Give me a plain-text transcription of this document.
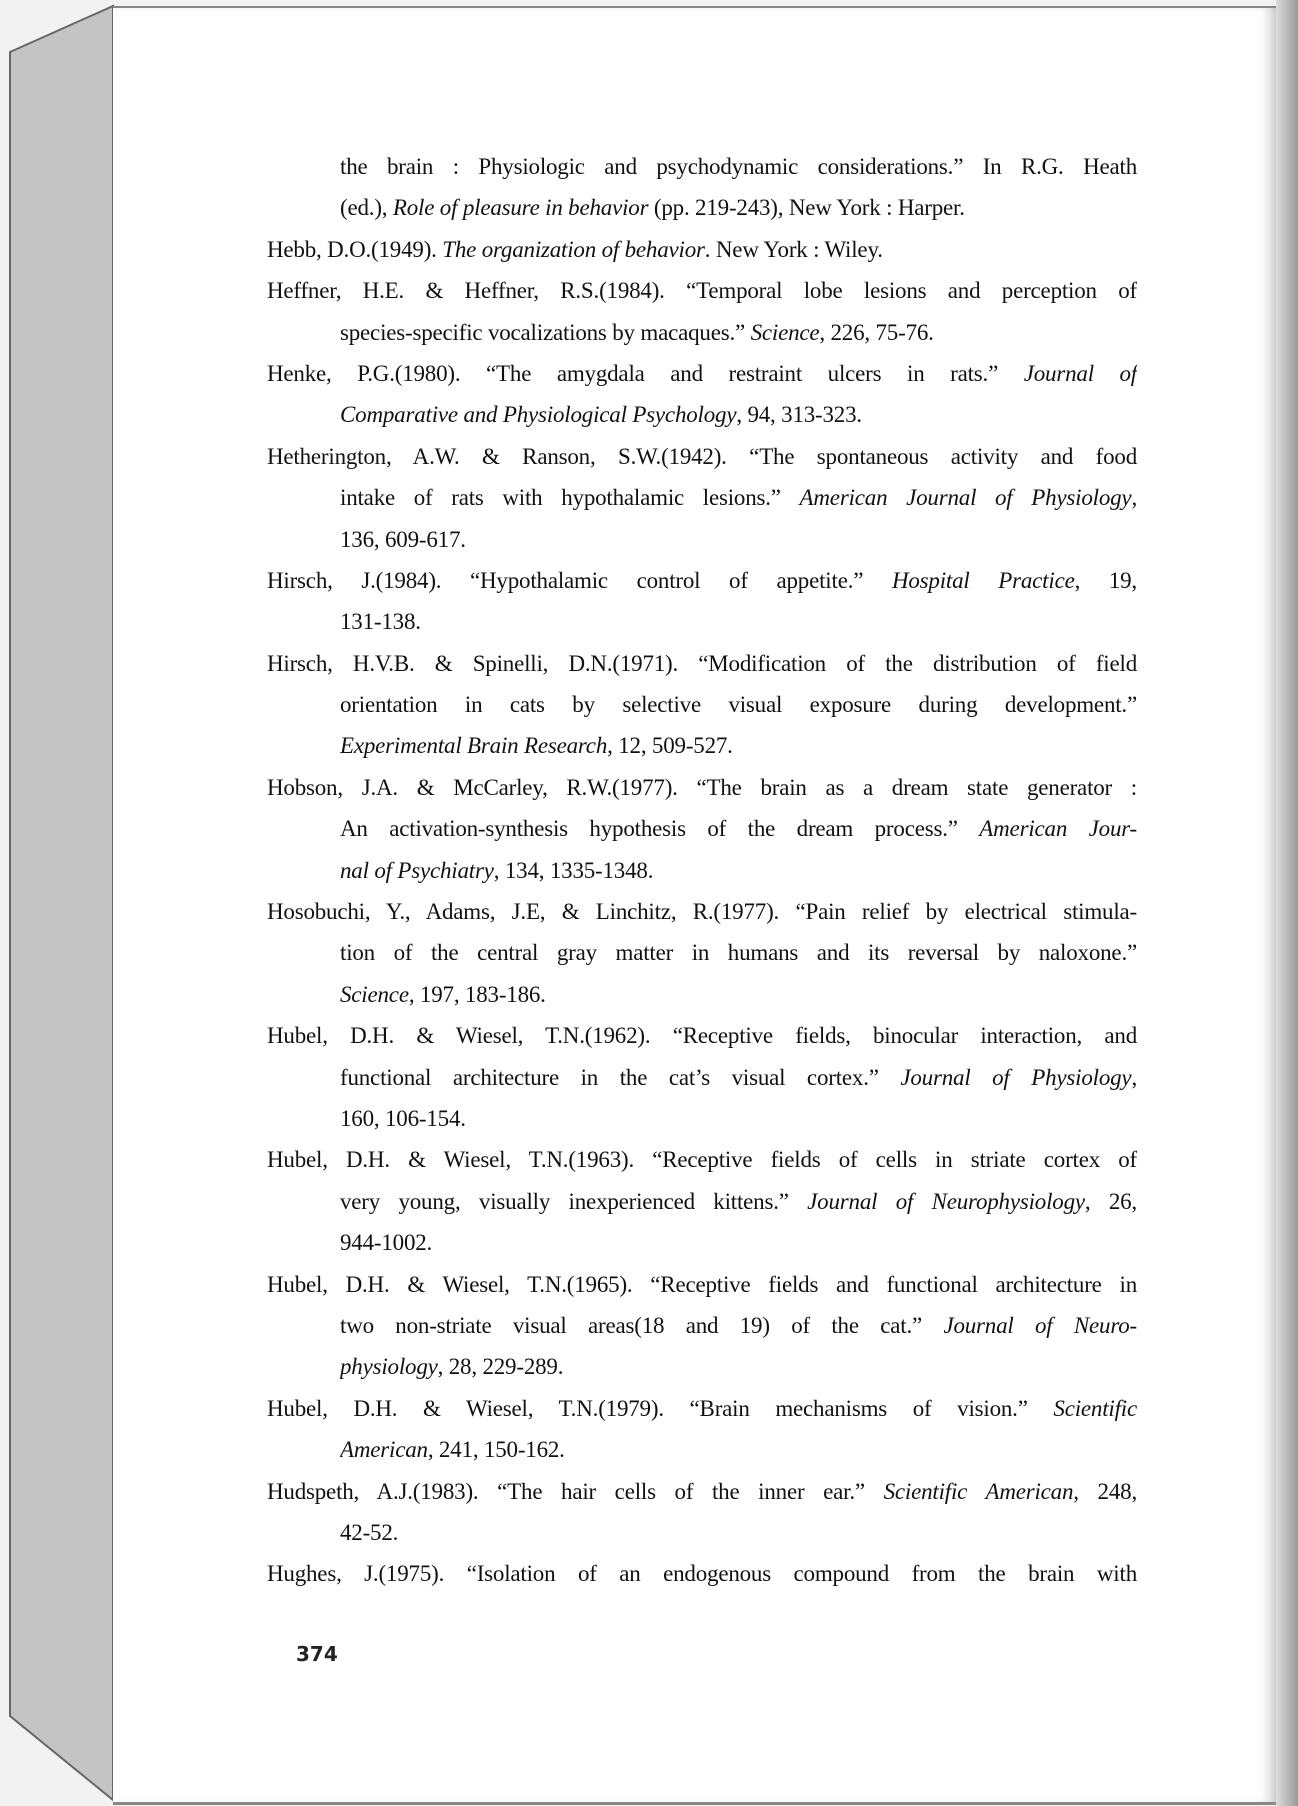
the brain : Physiologic and psychodynamic considerations.” In R.G. Heath
(ed.), Role of pleasure in behavior (pp. 219-243), New York : Harper.
Hebb, D.O.(1949). The organization of behavior. New York : Wiley.
Heffner, H.E. & Heffner, R.S.(1984). “Temporal lobe lesions and perception of
species-specific vocalizations by macaques.” Science, 226, 75-76.
Henke, P.G.(1980). “The amygdala and restraint ulcers in rats.” Journal of
Comparative and Physiological Psychology, 94, 313-323.
Hetherington, A.W. & Ranson, S.W.(1942). “The spontaneous activity and food
intake of rats with hypothalamic lesions.” American Journal of Physiology,
136, 609-617.
Hirsch, J.(1984). “Hypothalamic control of appetite.” Hospital Practice, 19,
131-138.
Hirsch, H.V.B. & Spinelli, D.N.(1971). “Modification of the distribution of field
orientation in cats by selective visual exposure during development.”
Experimental Brain Research, 12, 509-527.
Hobson, J.A. & McCarley, R.W.(1977). “The brain as a dream state generator :
An activation-synthesis hypothesis of the dream process.” American Jour-
nal of Psychiatry, 134, 1335-1348.
Hosobuchi, Y., Adams, J.E, & Linchitz, R.(1977). “Pain relief by electrical stimula-
tion of the central gray matter in humans and its reversal by naloxone.”
Science, 197, 183-186.
Hubel, D.H. & Wiesel, T.N.(1962). “Receptive fields, binocular interaction, and
functional architecture in the cat’s visual cortex.” Journal of Physiology,
160, 106-154.
Hubel, D.H. & Wiesel, T.N.(1963). “Receptive fields of cells in striate cortex of
very young, visually inexperienced kittens.” Journal of Neurophysiology, 26,
944-1002.
Hubel, D.H. & Wiesel, T.N.(1965). “Receptive fields and functional architecture in
two non-striate visual areas(18 and 19) of the cat.” Journal of Neuro-
physiology, 28, 229-289.
Hubel, D.H. & Wiesel, T.N.(1979). “Brain mechanisms of vision.” Scientific
American, 241, 150-162.
Hudspeth, A.J.(1983). “The hair cells of the inner ear.” Scientific American, 248,
42-52.
Hughes, J.(1975). “Isolation of an endogenous compound from the brain with
374
